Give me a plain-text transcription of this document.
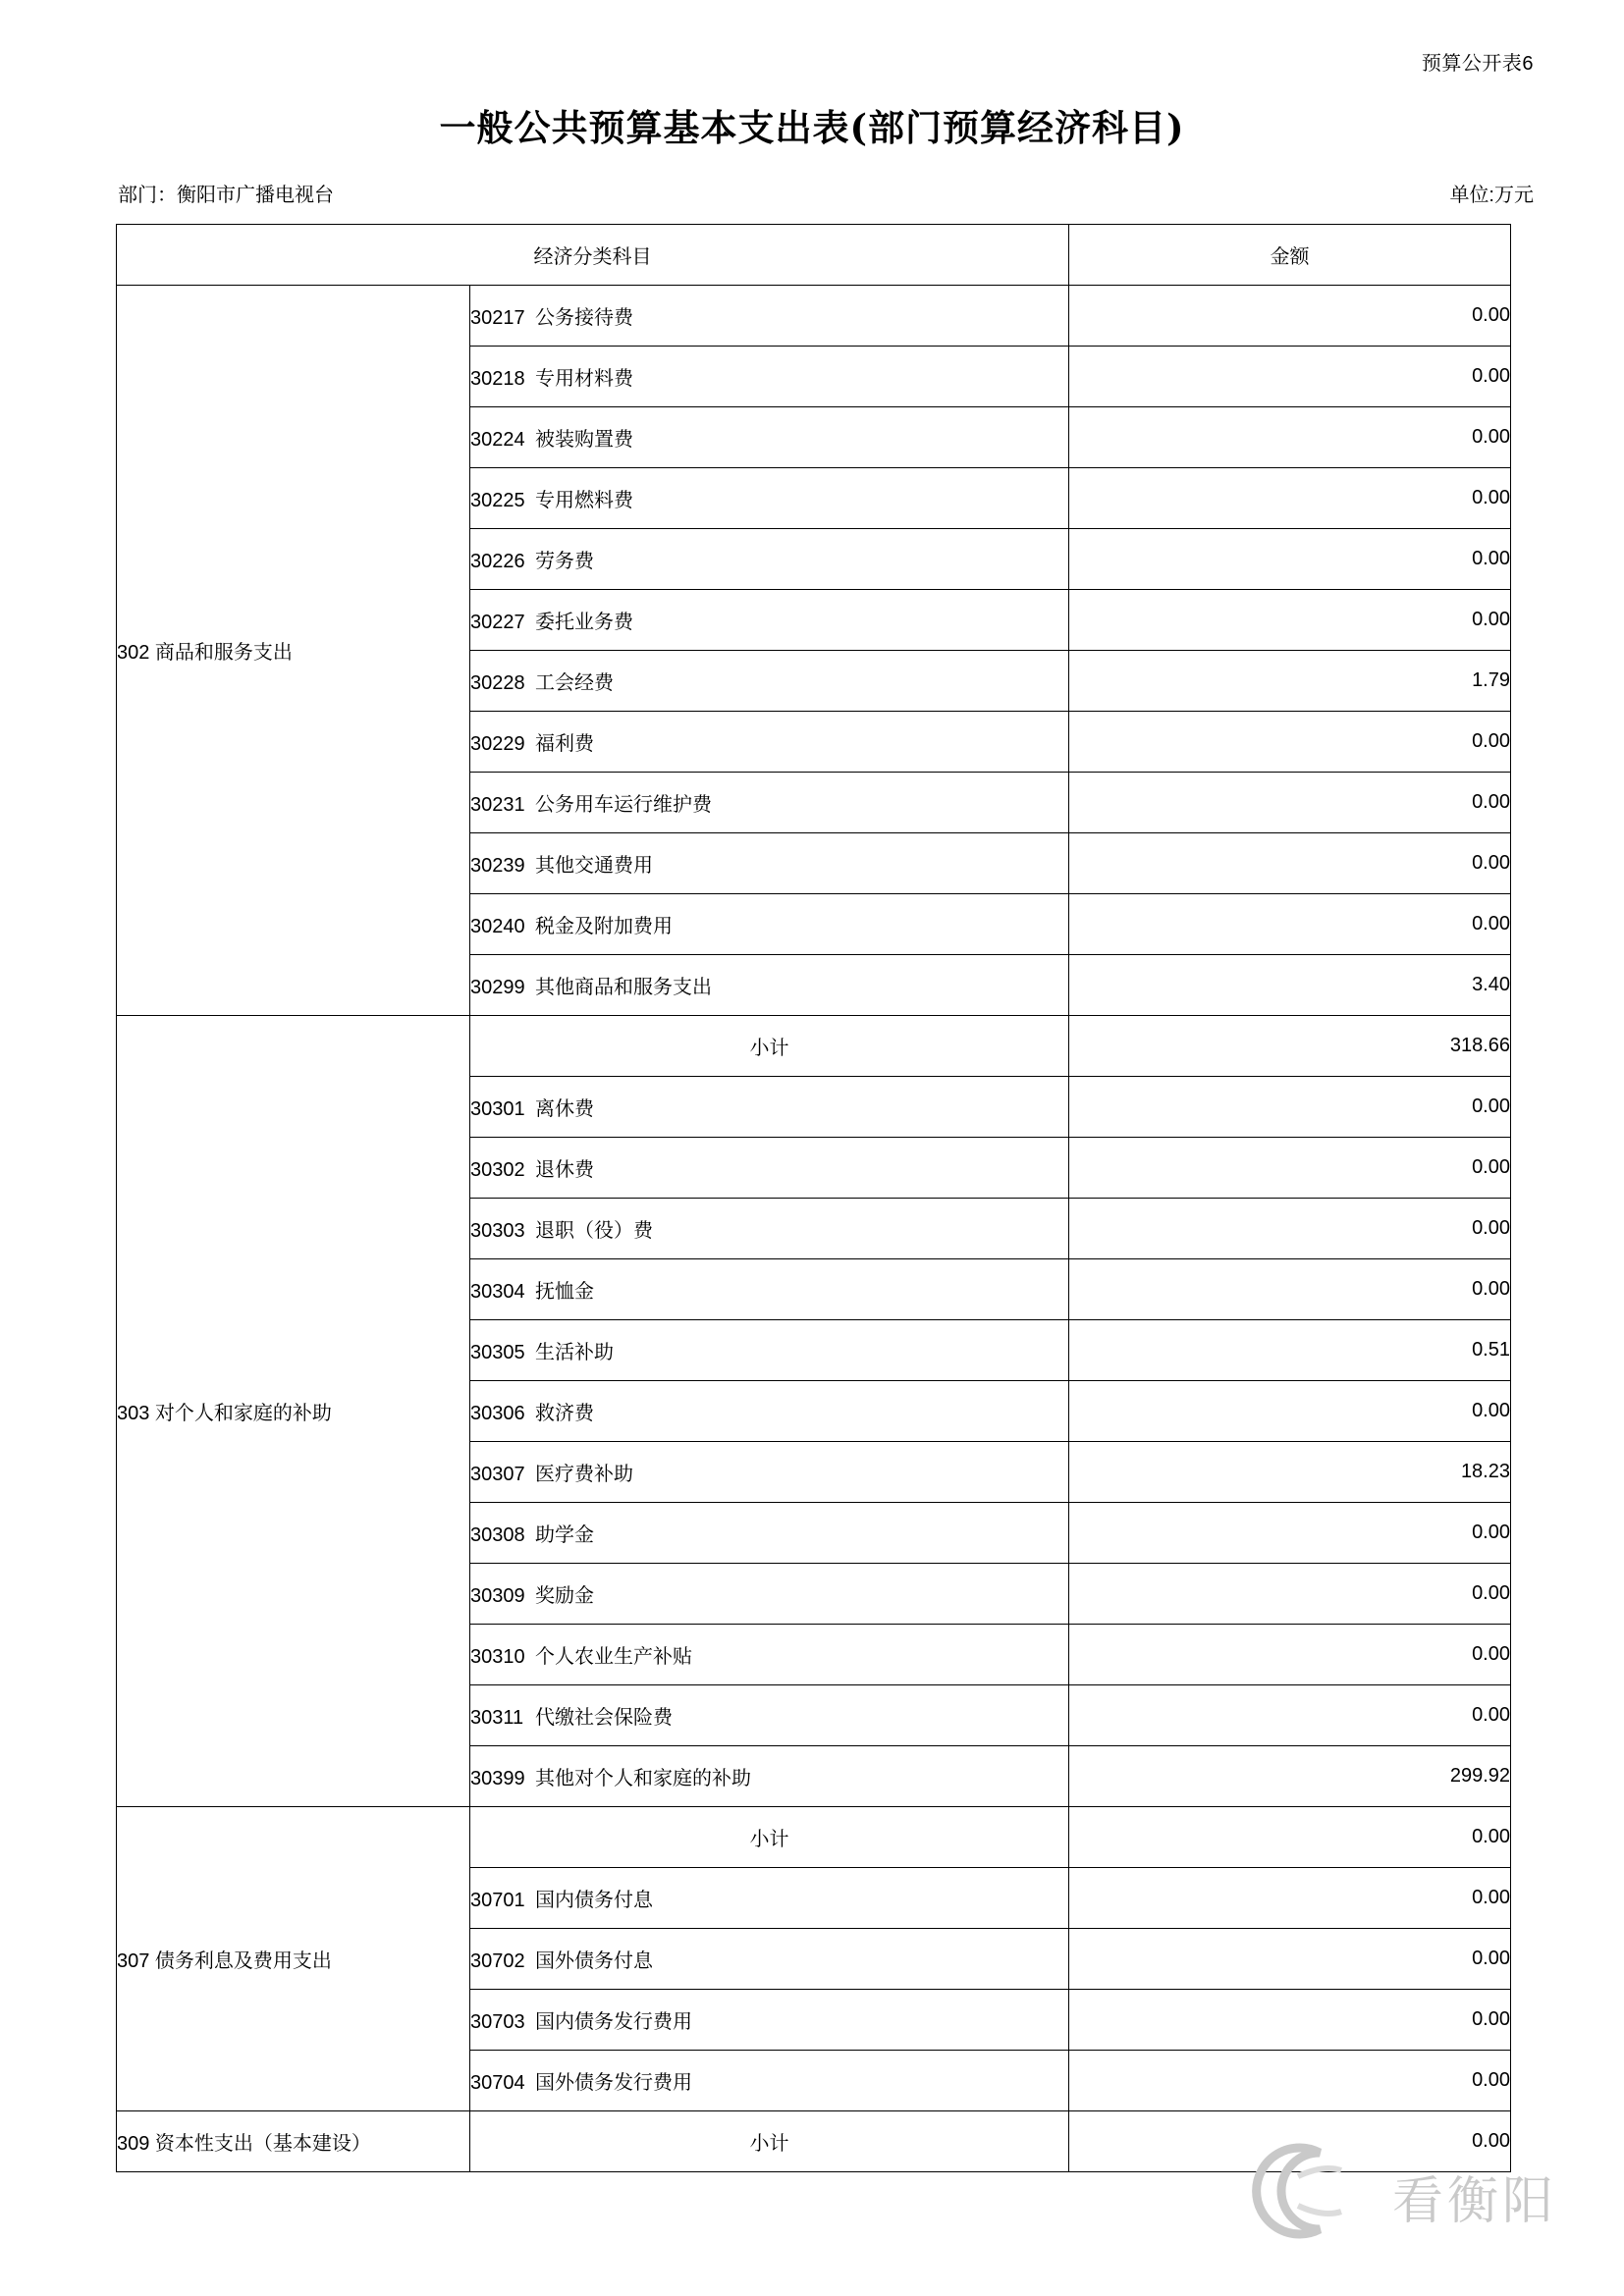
预算公开表6
一般公共预算基本支出表(部门预算经济科目)
部门：衡阳市广播电视台	单位:万元
经济分类科目		金额
302 商品和服务支出	30217 公务接待费	0.00
	30218 专用材料费	0.00
	30224 被装购置费	0.00
	30225 专用燃料费	0.00
	30226 劳务费	0.00
	30227 委托业务费	0.00
	30228 工会经费	1.79
	30229 福利费	0.00
	30231 公务用车运行维护费	0.00
	30239 其他交通费用	0.00
	30240 税金及附加费用	0.00
	30299 其他商品和服务支出	3.40
303 对个人和家庭的补助	小计	318.66
	30301 离休费	0.00
	30302 退休费	0.00
	30303 退职（役）费	0.00
	30304 抚恤金	0.00
	30305 生活补助	0.51
	30306 救济费	0.00
	30307 医疗费补助	18.23
	30308 助学金	0.00
	30309 奖励金	0.00
	30310 个人农业生产补贴	0.00
	30311 代缴社会保险费	0.00
	30399 其他对个人和家庭的补助	299.92
307 债务利息及费用支出	小计	0.00
	30701 国内债务付息	0.00
	30702 国外债务付息	0.00
	30703 国内债务发行费用	0.00
	30704 国外债务发行费用	0.00
309 资本性支出（基本建设）	小计	0.00
看衡阳
